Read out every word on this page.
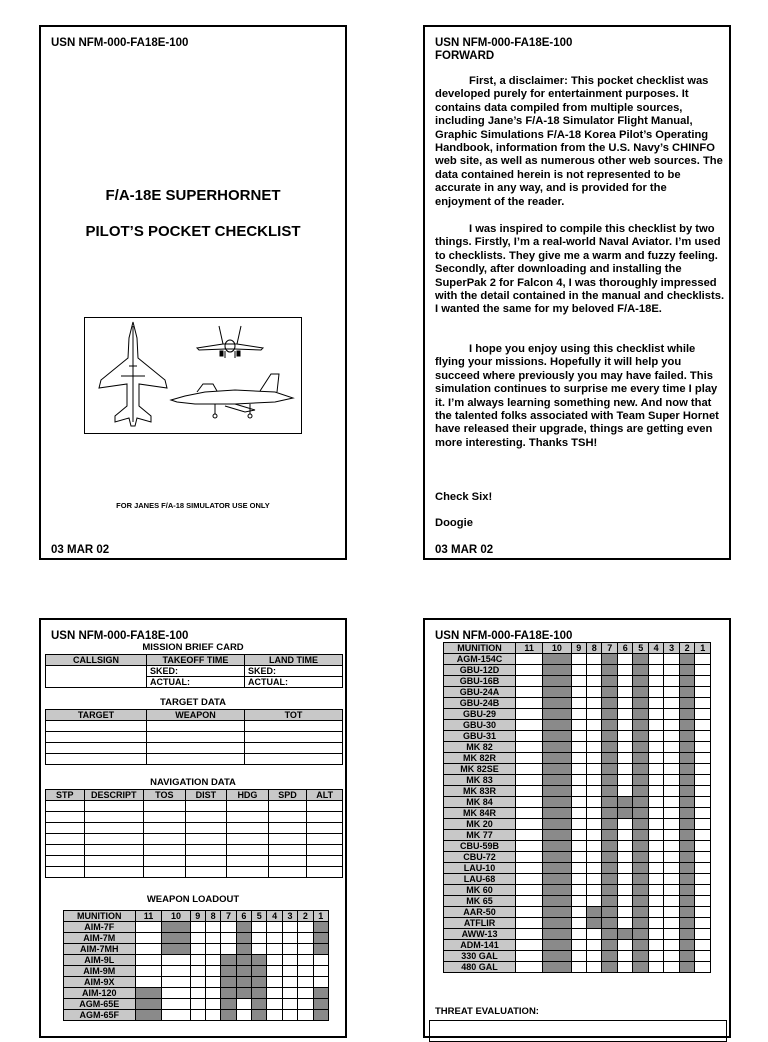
USN NFM-000-FA18E-100
F/A-18E SUPERHORNET
PILOT’S POCKET CHECKLIST
FOR JANES F/A-18 SIMULATOR USE ONLY
03 MAR 02
USN NFM-000-FA18E-100
FORWARD
First, a disclaimer: This pocket checklist was developed purely for entertainment purposes. It contains data compiled from multiple sources, including Jane’s F/A-18 Simulator Flight Manual, Graphic Simulations F/A-18 Korea Pilot’s Operating Handbook, information from the U.S. Navy’s CHINFO web site, as well as numerous other web sources. The data contained herein is not represented to be accurate in any way, and is provided for the enjoyment of the reader.
I was inspired to compile this checklist by two things. Firstly, I’m a real-world Naval Aviator. I’m used to checklists. They give me a warm and fuzzy feeling. Secondly, after downloading and installing the SuperPak 2 for Falcon 4, I was thoroughly impressed with the detail contained in the manual and checklists. I wanted the same for my beloved F/A-18E.
I hope you enjoy using this checklist while flying your missions. Hopefully it will help you succeed where previously you may have failed. This simulation continues to surprise me every time I play it. I’m always learning something new. And now that the talented folks associated with Team Super Hornet have released their upgrade, things are getting even more interesting. Thanks TSH!
Check Six!
Doogie
03 MAR 02
USN NFM-000-FA18E-100
MISSION BRIEF CARD
CALLSIGN	TAKEOFF TIME	LAND TIME
	SKED:	SKED:
	ACTUAL:	ACTUAL:
TARGET DATA
TARGET	WEAPON	TOT

NAVIGATION DATA
STP	DESCRIPT	TOS	DIST	HDG	SPD	ALT

WEAPON LOADOUT
MUNITION	11	10	9	8	7	6	5	4	3	2	1
AIM-7F											
AIM-7M											
AIM-7MH											
AIM-9L											
AIM-9M											
AIM-9X											
AIM-120											
AGM-65E											
AGM-65F											
USN NFM-000-FA18E-100
MUNITION	11	10	9	8	7	6	5	4	3	2	1
AGM-154C											
GBU-12D											
GBU-16B											
GBU-24A											
GBU-24B											
GBU-29											
GBU-30											
GBU-31											
MK 82											
MK 82R											
MK 82SE											
MK 83											
MK 83R											
MK 84											
MK 84R											
MK 20											
MK 77											
CBU-59B											
CBU-72											
LAU-10											
LAU-68											
MK 60											
MK 65											
AAR-50											
ATFLIR											
AWW-13											
ADM-141											
330 GAL											
480 GAL											
THREAT EVALUATION:
